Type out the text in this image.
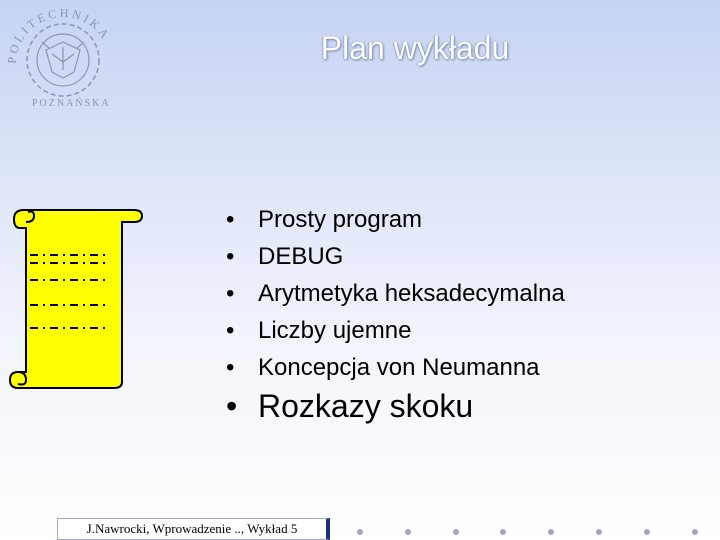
POLITECHNIKA
POZNAŃSKA
Plan wykładu
• Prosty program
• DEBUG
• Arytmetyka heksadecymalna
• Liczby ujemne
• Koncepcja von Neumanna
• Rozkazy skoku
J.Nawrocki, Wprowadzenie .., Wykład 5
